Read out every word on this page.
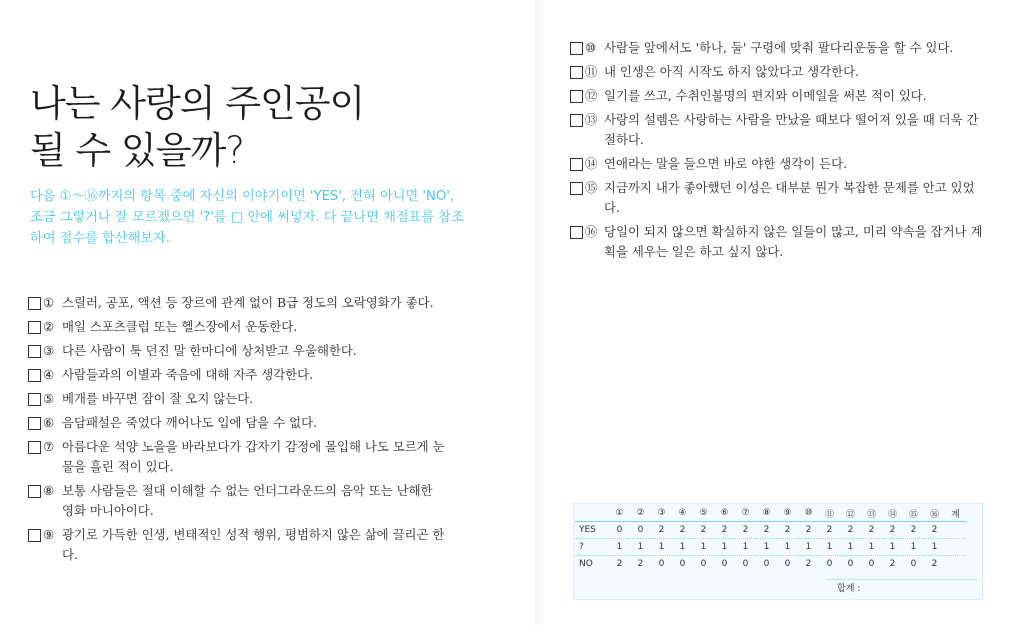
나는 사랑의 주인공이
될 수 있을까?

다음 ①～⑯까지의 항목 중에 자신의 이야기이면 'YES', 전혀 아니면 'NO', 조금 그렇거나 잘 모르겠으면 '?'를 □ 안에 써넣자. 다 끝나면 채점표를 참조하여 점수를 합산해보자.

① 스릴러, 공포, 액션 등 장르에 관계 없이 B급 정도의 오락영화가 좋다.
② 매일 스포츠클럽 또는 헬스장에서 운동한다.
③ 다른 사람이 툭 던진 말 한마디에 상처받고 우울해한다.
④ 사람들과의 이별과 죽음에 대해 자주 생각한다.
⑤ 베개를 바꾸면 잠이 잘 오지 않는다.
⑥ 음담패설은 죽었다 깨어나도 입에 담을 수 없다.
⑦ 아름다운 석양 노을을 바라보다가 갑자기 감정에 몰입해 나도 모르게 눈물을 흘린 적이 있다.
⑧ 보통 사람들은 절대 이해할 수 없는 언더그라운드의 음악 또는 난해한 영화 마니아이다.
⑨ 광기로 가득한 인생, 변태적인 성적 행위, 평범하지 않은 삶에 끌리곤 한다.
⑩ 사람들 앞에서도 '하나, 둘' 구령에 맞춰 팔다리운동을 할 수 있다.
⑪ 내 인생은 아직 시작도 하지 않았다고 생각한다.
⑫ 일기를 쓰고, 수취인불명의 편지와 이메일을 써본 적이 있다.
⑬ 사랑의 설렘은 사랑하는 사람을 만났을 때보다 떨어져 있을 때 더욱 간절하다.
⑭ 연애라는 말을 들으면 바로 야한 생각이 든다.
⑮ 지금까지 내가 좋아했던 이성은 대부분 뭔가 복잡한 문제를 안고 있었다.
⑯ 당일이 되지 않으면 확실하지 않은 일들이 많고, 미리 약속을 잡거나 계획을 세우는 일은 하고 싶지 않다.
	①	②	③	④	⑤	⑥	⑦	⑧	⑨	⑩	⑪	⑫	⑬	⑭	⑮	⑯	계
YES	0	0	2	2	2	2	2	2	2	2	2	2	2	2	2	2	
?	1	1	1	1	1	1	1	1	1	1	1	1	1	1	1	1	
NO	2	2	0	0	0	0	0	0	0	2	0	0	0	2	0	2	
합계 :
